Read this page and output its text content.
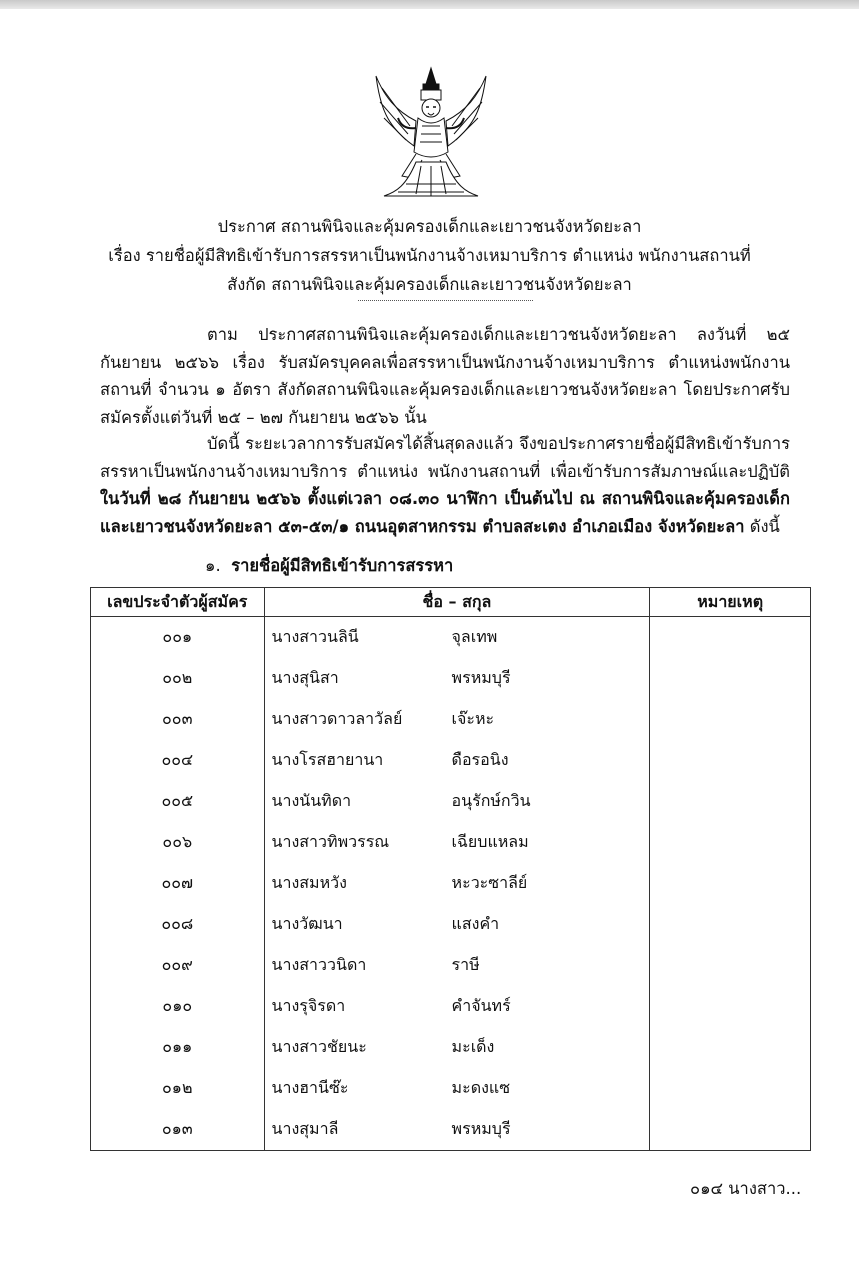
ประกาศ สถานพินิจและคุ้มครองเด็กและเยาวชนจังหวัดยะลา
เรื่อง รายชื่อผู้มีสิทธิเข้ารับการสรรหาเป็นพนักงานจ้างเหมาบริการ ตำแหน่ง พนักงานสถานที่
สังกัด สถานพินิจและคุ้มครองเด็กและเยาวชนจังหวัดยะลา

ตาม ประกาศสถานพินิจและคุ้มครองเด็กและเยาวชนจังหวัดยะลา ลงวันที่ ๒๕ กันยายน ๒๕๖๖ เรื่อง รับสมัครบุคคลเพื่อสรรหาเป็นพนักงานจ้างเหมาบริการ ตำแหน่งพนักงานสถานที่ จำนวน ๑ อัตรา สังกัดสถานพินิจและคุ้มครองเด็กและเยาวชนจังหวัดยะลา โดยประกาศรับสมัครตั้งแต่วันที่ ๒๕ – ๒๗ กันยายน ๒๕๖๖ นั้น

บัดนี้ ระยะเวลาการรับสมัครได้สิ้นสุดลงแล้ว จึงขอประกาศรายชื่อผู้มีสิทธิเข้ารับการสรรหาเป็นพนักงานจ้างเหมาบริการ ตำแหน่ง พนักงานสถานที่ เพื่อเข้ารับการสัมภาษณ์และปฏิบัติ ในวันที่ ๒๘ กันยายน ๒๕๖๖ ตั้งแต่เวลา ๐๘.๓๐ นาฬิกา เป็นต้นไป ณ สถานพินิจและคุ้มครองเด็กและเยาวชนจังหวัดยะลา ๕๓-๕๓/๑ ถนนอุตสาหกรรม ตำบลสะเตง อำเภอเมือง จังหวัดยะลา ดังนี้

๑. รายชื่อผู้มีสิทธิเข้ารับการสรรหา
เลขประจำตัวผู้สมัคร	ชื่อ – สกุล	หมายเหตุ
๐๐๑	นางสาวนลินี จุลเทพ	

๐๐๒	นางสุนิสา พรหมบุรี	

๐๐๓	นางสาวดาวลาวัลย์ เจ๊ะหะ	

๐๐๔	นางโรสฮายานา ดือรอนิง	

๐๐๕	นางนันทิดา อนุรักษ์กวิน	

๐๐๖	นางสาวทิพวรรณ เฉียบแหลม	

๐๐๗	นางสมหวัง หะวะซาลีย์	

๐๐๘	นางวัฒนา แสงคำ	

๐๐๙	นางสาววนิดา ราษี	

๐๑๐	นางรุจิรดา คำจันทร์	

๐๑๑	นางสาวชัยนะ มะเด็ง	

๐๑๒	นางฮานีซ๊ะ มะดงแซ	

๐๑๓	นางสุมาลี พรหมบุรี	

๐๑๔ นางสาว...
